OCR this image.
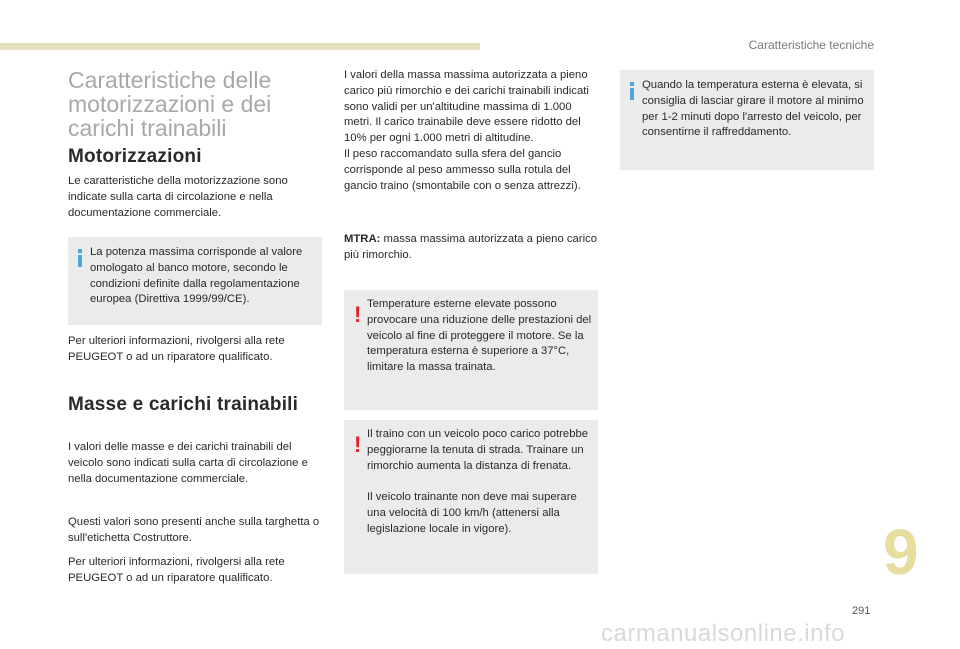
Caratteristiche tecniche
Caratteristiche delle
motorizzazioni e dei
carichi trainabili
Motorizzazioni

Le caratteristiche della motorizzazione sono indicate sulla carta di circolazione e nella documentazione commerciale.

La potenza massima corrisponde al valore omologato al banco motore, secondo le condizioni definite dalla regolamentazione europea (Direttiva 1999/99/CE).

Per ulteriori informazioni, rivolgersi alla rete PEUGEOT o ad un riparatore qualificato.

Masse e carichi trainabili

I valori delle masse e dei carichi trainabili del veicolo sono indicati sulla carta di circolazione e nella documentazione commerciale.

Questi valori sono presenti anche sulla targhetta o sull'etichetta Costruttore.

Per ulteriori informazioni, rivolgersi alla rete PEUGEOT o ad un riparatore qualificato.

I valori della massa massima autorizzata a pieno carico più rimorchio e dei carichi trainabili indicati sono validi per un'altitudine massima di 1.000 metri. Il carico trainabile deve essere ridotto del 10% per ogni 1.000 metri di altitudine.

Il peso raccomandato sulla sfera del gancio corrisponde al peso ammesso sulla rotula del gancio traino (smontabile con o senza attrezzi).

MTRA: massa massima autorizzata a pieno carico più rimorchio.

! Temperature esterne elevate possono provocare una riduzione delle prestazioni del veicolo al fine di proteggere il motore. Se la temperatura esterna è superiore a 37°C, limitare la massa trainata.

! Il traino con un veicolo poco carico potrebbe peggiorarne la tenuta di strada. Trainare un rimorchio aumenta la distanza di frenata.

Il veicolo trainante non deve mai superare una velocità di 100 km/h (attenersi alla legislazione locale in vigore).

Quando la temperatura esterna è elevata, si consiglia di lasciar girare il motore al minimo per 1-2 minuti dopo l'arresto del veicolo, per consentirne il raffreddamento.

9
291
carmanualsonline.info
